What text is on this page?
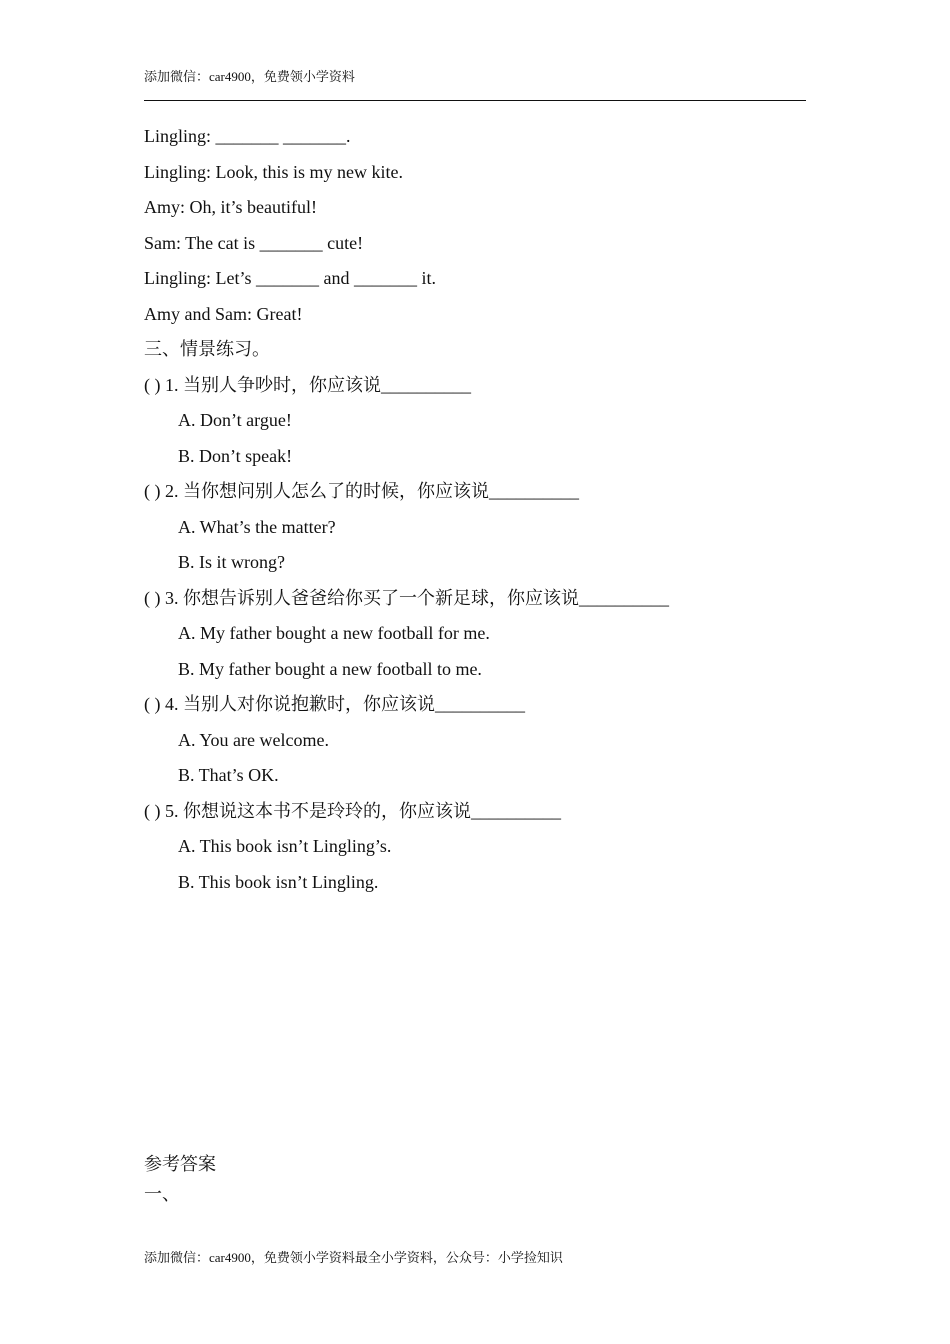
添加微信：car4900，免费领小学资料
Lingling: _______ _______.
Lingling: Look, this is my new kite.
Amy: Oh, it’s beautiful!
Sam: The cat is _______ cute!
Lingling: Let’s _______ and _______ it.
Amy and Sam: Great!
三、情景练习。
( ) 1. 当别人争吵时，你应该说__________
A. Don’t argue!
B. Don’t speak!
( ) 2. 当你想问别人怎么了的时候，你应该说__________
A. What’s the matter?
B. Is it wrong?
( ) 3. 你想告诉别人爸爸给你买了一个新足球，你应该说__________
A. My father bought a new football for me.
B. My father bought a new football to me.
( ) 4. 当别人对你说抱歉时，你应该说__________
A. You are welcome.
B. That’s OK.
( ) 5. 你想说这本书不是玲玲的，你应该说__________
A. This book isn’t Lingling’s.
B. This book isn’t Lingling.
参考答案
一、
添加微信：car4900，免费领小学资料最全小学资料，公众号：小学捡知识
